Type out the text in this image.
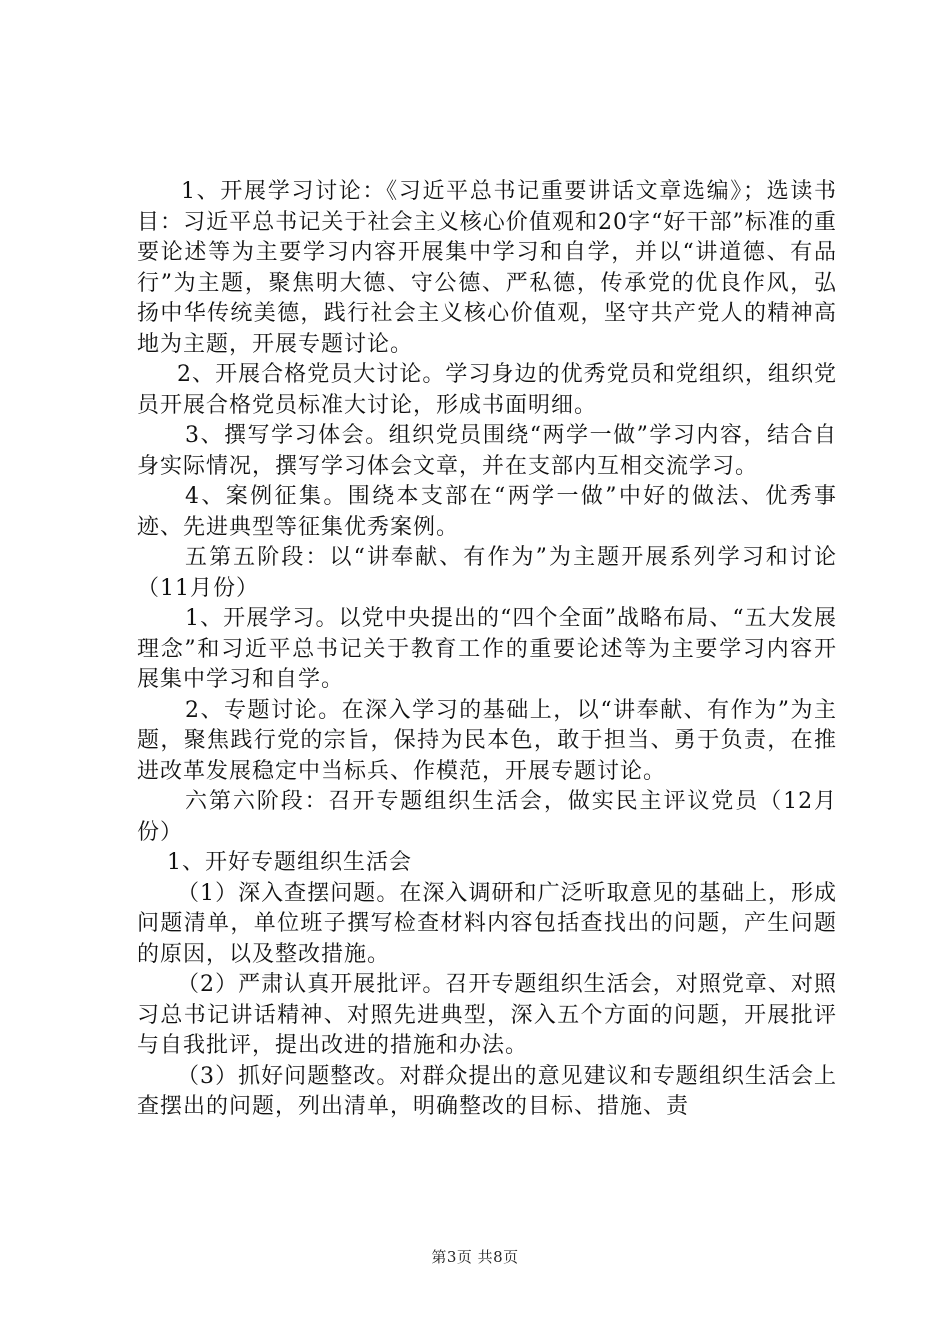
1、开展学习讨论：《习近平总书记重要讲话文章选编》；选读书目：习近平总书记关于社会主义核心价值观和20字“好干部”标准的重要论述等为主要学习内容开展集中学习和自学，并以“讲道德、有品行”为主题，聚焦明大德、守公德、严私德，传承党的优良作风，弘扬中华传统美德，践行社会主义核心价值观，坚守共产党人的精神高地为主题，开展专题讨论。

2、开展合格党员大讨论。学习身边的优秀党员和党组织，组织党员开展合格党员标准大讨论，形成书面明细。

3、撰写学习体会。组织党员围绕“两学一做”学习内容，结合自身实际情况，撰写学习体会文章，并在支部内互相交流学习。

4、案例征集。围绕本支部在“两学一做”中好的做法、优秀事迹、先进典型等征集优秀案例。

五第五阶段：以“讲奉献、有作为”为主题开展系列学习和讨论（11月份）

1、开展学习。以党中央提出的“四个全面”战略布局、“五大发展理念”和习近平总书记关于教育工作的重要论述等为主要学习内容开展集中学习和自学。

2、专题讨论。在深入学习的基础上，以“讲奉献、有作为”为主题，聚焦践行党的宗旨，保持为民本色，敢于担当、勇于负责，在推进改革发展稳定中当标兵、作模范，开展专题讨论。

六第六阶段：召开专题组织生活会，做实民主评议党员（12月份）

1、开好专题组织生活会

（1）深入查摆问题。在深入调研和广泛听取意见的基础上，形成问题清单，单位班子撰写检查材料内容包括查找出的问题，产生问题的原因，以及整改措施。

（2）严肃认真开展批评。召开专题组织生活会，对照党章、对照习总书记讲话精神、对照先进典型，深入五个方面的问题，开展批评与自我批评，提出改进的措施和办法。

（3）抓好问题整改。对群众提出的意见建议和专题组织生活会上查摆出的问题，列出清单，明确整改的目标、措施、责

第3页 共8页
